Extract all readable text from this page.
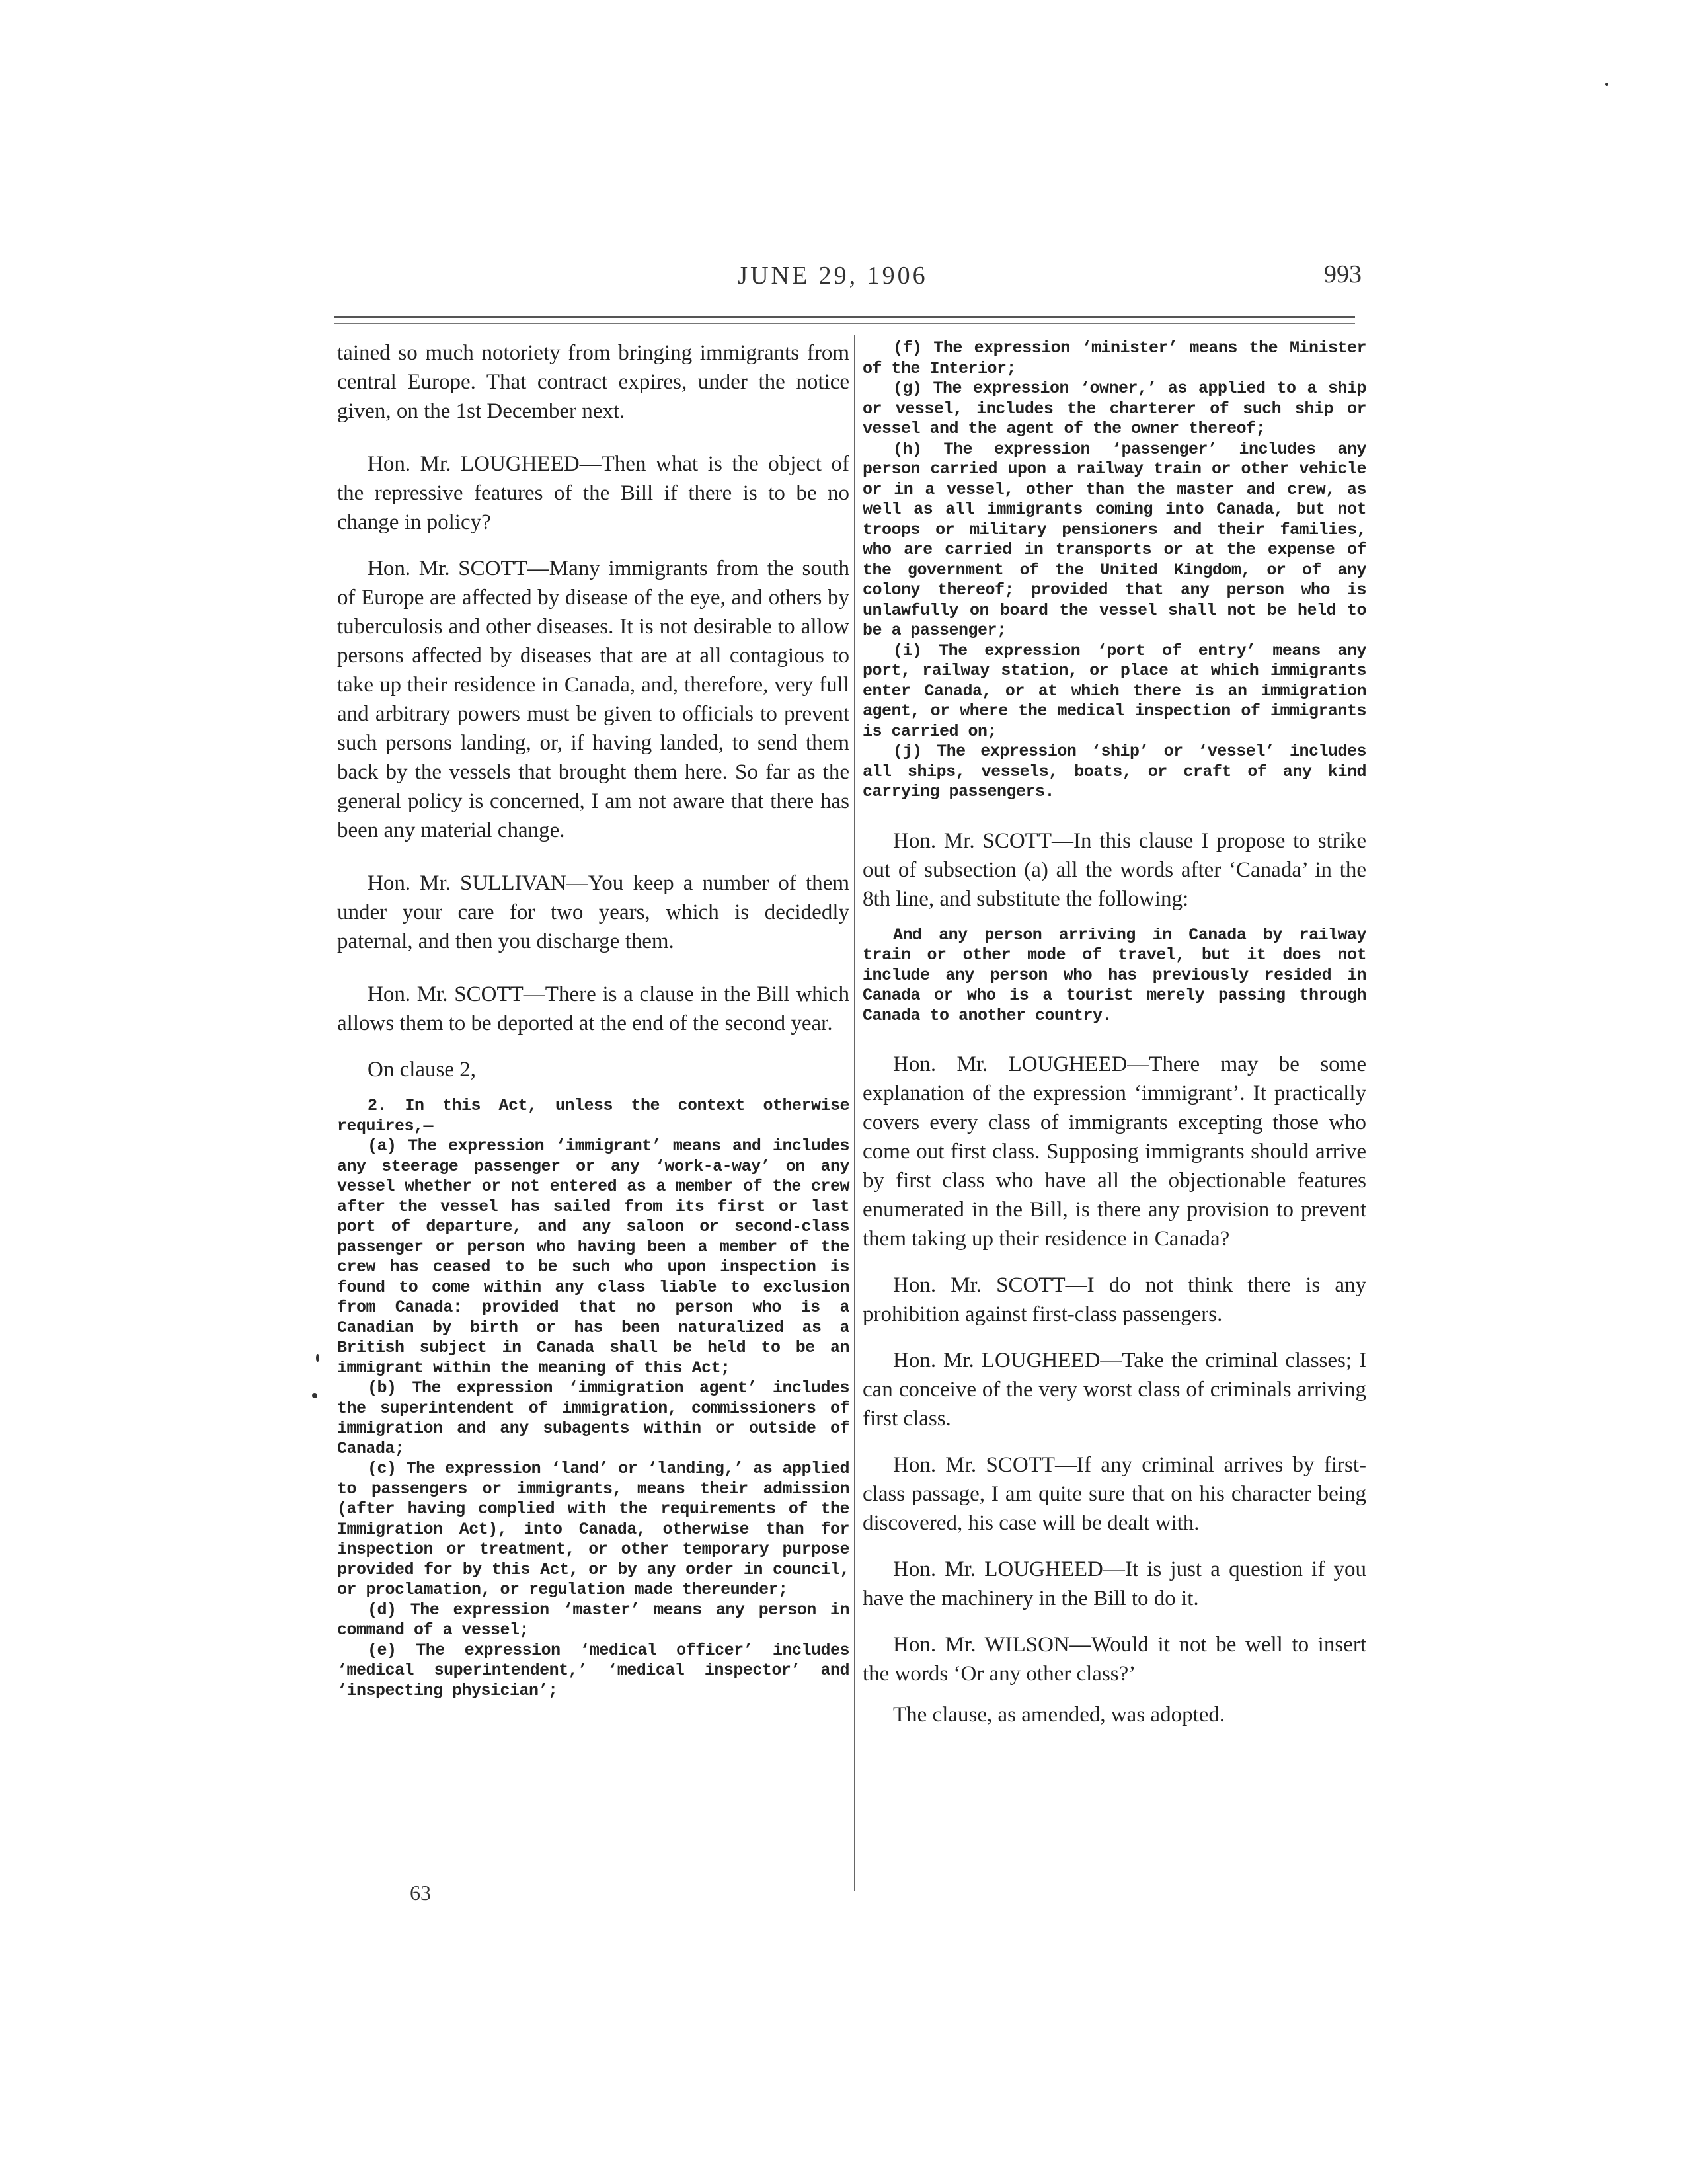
JUNE 29, 1906	993

tained so much notoriety from bringing immigrants from central Europe. That contract expires, under the notice given, on the 1st December next.

Hon. Mr. LOUGHEED—Then what is the object of the repressive features of the Bill if there is to be no change in policy?

Hon. Mr. SCOTT—Many immigrants from the south of Europe are affected by disease of the eye, and others by tuberculosis and other diseases. It is not desirable to allow persons affected by diseases that are at all contagious to take up their residence in Canada, and, therefore, very full and arbitrary powers must be given to officials to prevent such persons landing, or, if having landed, to send them back by the vessels that brought them here. So far as the general policy is concerned, I am not aware that there has been any material change.

Hon. Mr. SULLIVAN—You keep a number of them under your care for two years, which is decidedly paternal, and then you discharge them.

Hon. Mr. SCOTT—There is a clause in the Bill which allows them to be deported at the end of the second year.

On clause 2,

2. In this Act, unless the context otherwise requires,—

(a) The expression ‘immigrant’ means and includes any steerage passenger or any ‘work-a-way’ on any vessel whether or not entered as a member of the crew after the vessel has sailed from its first or last port of departure, and any saloon or second-class passenger or person who having been a member of the crew has ceased to be such who upon inspection is found to come within any class liable to exclusion from Canada: provided that no person who is a Canadian by birth or has been naturalized as a British subject in Canada shall be held to be an immigrant within the meaning of this Act;

(b) The expression ‘immigration agent’ includes the superintendent of immigration, commissioners of immigration and any subagents within or outside of Canada;

(c) The expression ‘land’ or ‘landing,’ as applied to passengers or immigrants, means their admission (after having complied with the requirements of the Immigration Act), into Canada, otherwise than for inspection or treatment, or other temporary purpose provided for by this Act, or by any order in council, or proclamation, or regulation made thereunder;

(d) The expression ‘master’ means any person in command of a vessel;

(e) The expression ‘medical officer’ includes ‘medical superintendent,’ ‘medical inspector’ and ‘inspecting physician’;

63

(f) The expression ‘minister’ means the Minister of the Interior;

(g) The expression ‘owner,’ as applied to a ship or vessel, includes the charterer of such ship or vessel and the agent of the owner thereof;

(h) The expression ‘passenger’ includes any person carried upon a railway train or other vehicle or in a vessel, other than the master and crew, as well as all immigrants coming into Canada, but not troops or military pensioners and their families, who are carried in transports or at the expense of the government of the United Kingdom, or of any colony thereof; provided that any person who is unlawfully on board the vessel shall not be held to be a passenger;

(i) The expression ‘port of entry’ means any port, railway station, or place at which immigrants enter Canada, or at which there is an immigration agent, or where the medical inspection of immigrants is carried on;

(j) The expression ‘ship’ or ‘vessel’ includes all ships, vessels, boats, or craft of any kind carrying passengers.

Hon. Mr. SCOTT—In this clause I propose to strike out of subsection (a) all the words after ‘Canada’ in the 8th line, and substitute the following:

And any person arriving in Canada by railway train or other mode of travel, but it does not include any person who has previously resided in Canada or who is a tourist merely passing through Canada to another country.

Hon. Mr. LOUGHEED—There may be some explanation of the expression ‘immigrant’. It practically covers every class of immigrants excepting those who come out first class. Supposing immigrants should arrive by first class who have all the objectionable features enumerated in the Bill, is there any provision to prevent them taking up their residence in Canada?

Hon. Mr. SCOTT—I do not think there is any prohibition against first-class passengers.

Hon. Mr. LOUGHEED—Take the criminal classes; I can conceive of the very worst class of criminals arriving first class.

Hon. Mr. SCOTT—If any criminal arrives by first-class passage, I am quite sure that on his character being discovered, his case will be dealt with.

Hon. Mr. LOUGHEED—It is just a question if you have the machinery in the Bill to do it.

Hon. Mr. WILSON—Would it not be well to insert the words ‘Or any other class?’

The clause, as amended, was adopted.
